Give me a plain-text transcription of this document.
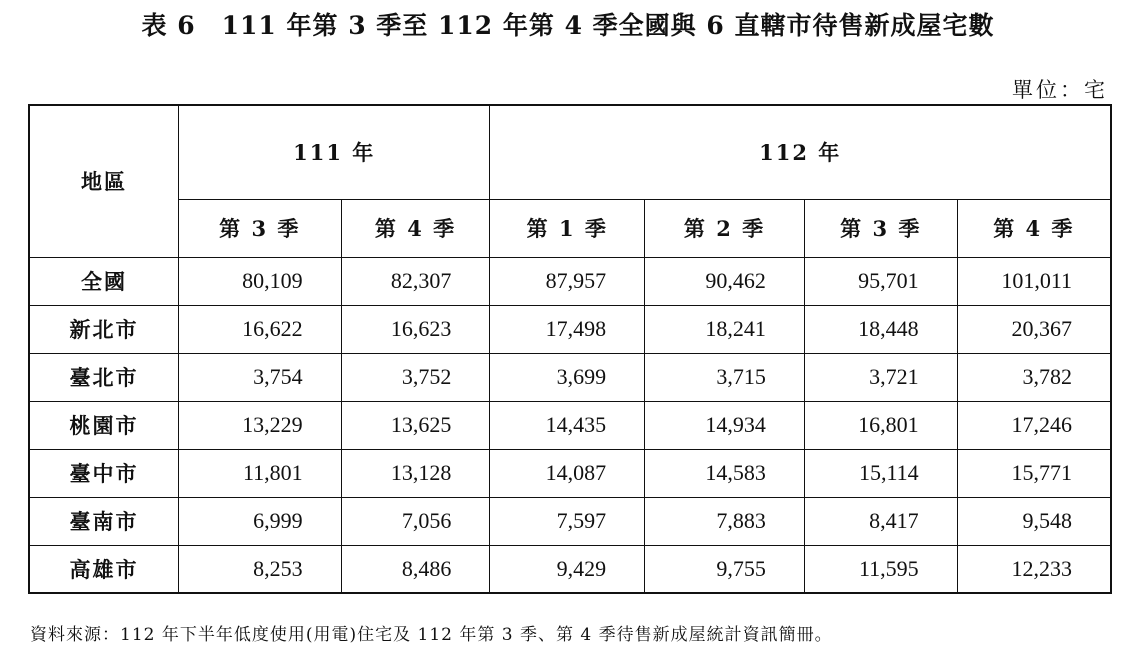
表 6　111 年第 3 季至 112 年第 4 季全國與 6 直轄市待售新成屋宅數
單位：宅
地區	111 年		112 年			
	第 3 季	第 4 季	第 1 季	第 2 季	第 3 季	第 4 季
全國	80,109	82,307	87,957	90,462	95,701	101,011
新北市	16,622	16,623	17,498	18,241	18,448	20,367
臺北市	3,754	3,752	3,699	3,715	3,721	3,782
桃園市	13,229	13,625	14,435	14,934	16,801	17,246
臺中市	11,801	13,128	14,087	14,583	15,114	15,771
臺南市	6,999	7,056	7,597	7,883	8,417	9,548
高雄市	8,253	8,486	9,429	9,755	11,595	12,233
資料來源：112 年下半年低度使用(用電)住宅及 112 年第 3 季、第 4 季待售新成屋統計資訊簡冊。
